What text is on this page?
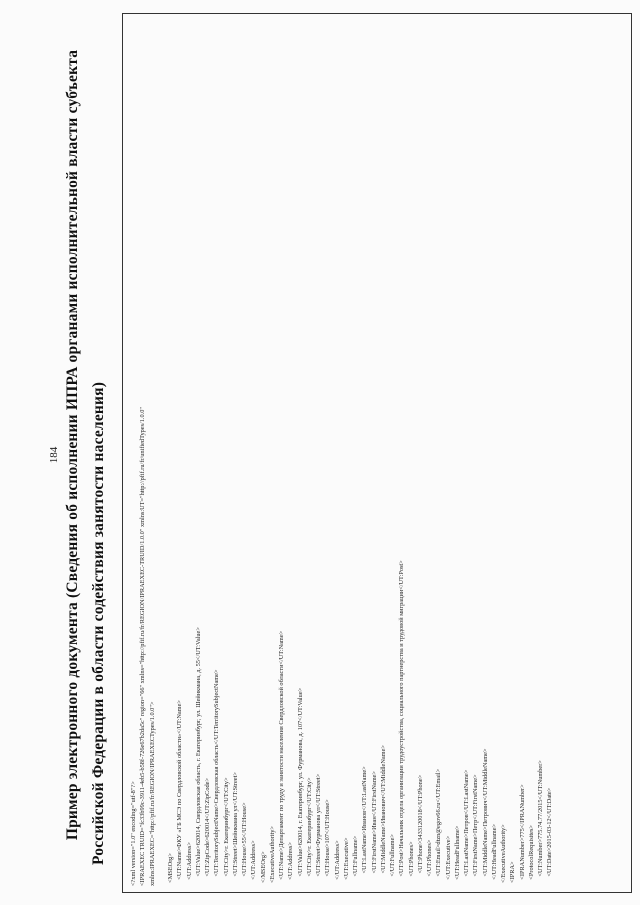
184 Пример электронного документа (Сведения об исполнении ИПРА органами исполнительной власти субъекта Российской Федерации в области содействия занятости населения)	<?xml version="1.0" encoding="utf-8"?> <IPRAEXEC TRUID="fc33b99c-3911-4eb5-b58f-726e67b2da5c" region="66" xmlns="http://pfif.ru/fr/REGION/IPRAEXEC-TRUID/1.0.0" xmlns:UT="http://pfif.ru/fr/unifiedTypes/1.0.0" xmlns:IPRAEXEC="http://pfif.ru/fr/REGION/IPRAEXECTypes/1.0.0"> <MSEOrg> <UT:Name>ФКУ «ГБ МСЭ по Свердловской области»</UT:Name> <UT:Address> <UT:Value>620014, Свердловская область, г. Екатеринбург, ул. Шейнкмана, д. 55</UT:Value> <UT:ZipCode>620014</UT:ZipCode> <UT:TerritorySubjectName>Свердловская область</UT:TerritorySubjectName> <UT:City>г. Екатеринбург</UT:City> <UT:Street>Шейнкмана ул</UT:Street> <UT:House>55</UT:House> </UT:Address> </MSEOrg> <ExecutiveAuthority> <UT:Name>Департамент по труду и занятости населения Свердловской области</UT:Name> <UT:Address> <UT:Value>620014, г. Екатеринбург, ул. Фурманова, д. 107</UT:Value> <UT:City>г. Екатеринбург</UT:City> <UT:Street>Фурманова ул</UT:Street> <UT:House>107</UT:House> </UT:Address> <UT:Executive> <UT:Fullname> <UT:LastName>Иванов</UT:LastName> <UT:FirstName>Иван</UT:FirstName> <UT:MiddleName>Иванович</UT:MiddleName> </UT:Fullname> <UT:Post>Начальник отдела организации трудоустройства, социального партнерства и трудовой миграции</UT:Post> <UT:Phones> <UT:Phone>3433120018</UT:Phone> </UT:Phones> <UT:Email>dtzn@egov66.ru</UT:Email> </UT:Executive> <UT:HeadFullname> <UT:LastName>Петров</UT:LastName> <UT:FirstName>Петр</UT:FirstName> <UT:MiddleName>Петрович</UT:MiddleName> </UT:HeadFullname> </ExecutiveAuthority> <IPRA> <IPRANumber>775</IPRANumber> <ProtocolRequisites> <UT:Number>775.74.77/2015</UT:Number> <UT:Date>2015-03-12</UT:Date>
